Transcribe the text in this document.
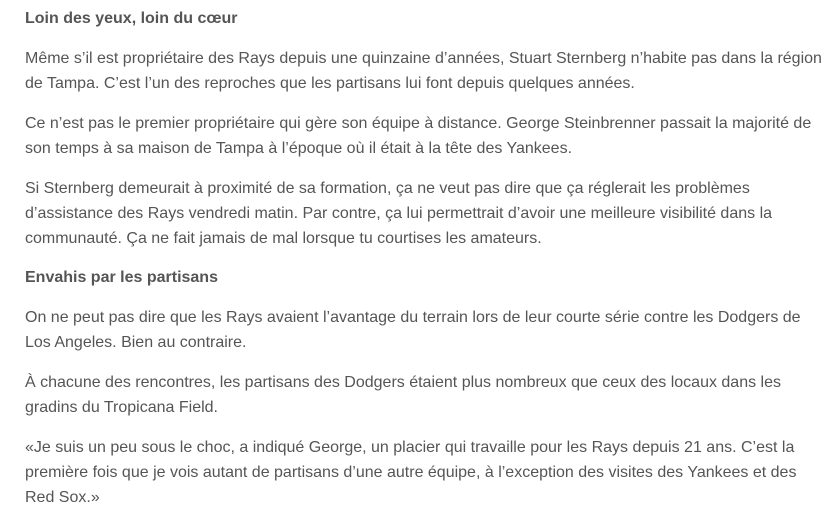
Loin des yeux, loin du cœur

Même s’il est propriétaire des Rays depuis une quinzaine d’années, Stuart Sternberg n’habite pas dans la région de Tampa. C’est l’un des reproches que les partisans lui font depuis quelques années.

Ce n’est pas le premier propriétaire qui gère son équipe à distance. George Steinbrenner passait la majorité de son temps à sa maison de Tampa à l’époque où il était à la tête des Yankees.

Si Sternberg demeurait à proximité de sa formation, ça ne veut pas dire que ça réglerait les problèmes d’assistance des Rays vendredi matin. Par contre, ça lui permettrait d’avoir une meilleure visibilité dans la communauté. Ça ne fait jamais de mal lorsque tu courtises les amateurs.

Envahis par les partisans

On ne peut pas dire que les Rays avaient l’avantage du terrain lors de leur courte série contre les Dodgers de Los Angeles. Bien au contraire.

À chacune des rencontres, les partisans des Dodgers étaient plus nombreux que ceux des locaux dans les gradins du Tropicana Field.

«Je suis un peu sous le choc, a indiqué George, un placier qui travaille pour les Rays depuis 21 ans. C’est la première fois que je vois autant de partisans d’une autre équipe, à l’exception des visites des Yankees et des Red Sox.»
